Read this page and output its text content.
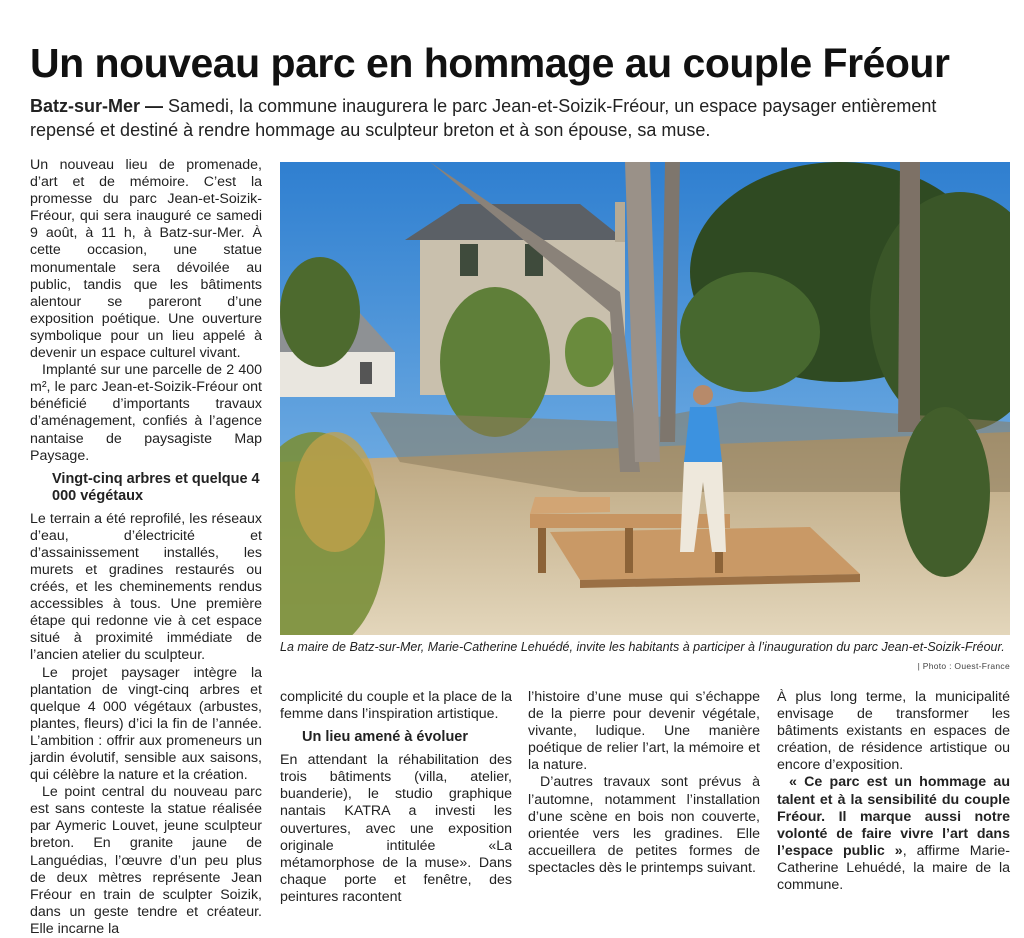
Un nouveau parc en hommage au couple Fréour
Batz-sur-Mer — Samedi, la commune inaugurera le parc Jean-et-Soizik-Fréour, un espace paysager entièrement repensé et destiné à rendre hommage au sculpteur breton et à son épouse, sa muse.

Un nouveau lieu de promenade, d’art et de mémoire. C’est la promesse du parc Jean-et-Soizik-Fréour, qui sera inauguré ce samedi 9 août, à 11 h, à Batz-sur-Mer. À cette occasion, une statue monumentale sera dévoilée au public, tandis que les bâtiments alentour se pareront d’une exposition poétique. Une ouverture symbolique pour un lieu appelé à devenir un espace culturel vivant.

Implanté sur une parcelle de 2 400 m², le parc Jean-et-Soizik-Fréour ont bénéficié d’importants travaux d’aménagement, confiés à l’agence nantaise de paysagiste Map Paysage.

Vingt-cinq arbres et quelque 4 000 végétaux

Le terrain a été reprofilé, les réseaux d’eau, d’électricité et d’assainissement installés, les murets et gradines restaurés ou créés, et les cheminements rendus accessibles à tous. Une première étape qui redonne vie à cet espace situé à proximité immédiate de l’ancien atelier du sculpteur.

Le projet paysager intègre la plantation de vingt-cinq arbres et quelque 4 000 végétaux (arbustes, plantes, fleurs) d’ici la fin de l’année. L’ambition : offrir aux promeneurs un jardin évolutif, sensible aux saisons, qui célèbre la nature et la création.

Le point central du nouveau parc est sans conteste la statue réalisée par Aymeric Louvet, jeune sculpteur breton. En granite jaune de Languédias, l’œuvre d’un peu plus de deux mètres représente Jean Fréour en train de sculpter Soizik, dans un geste tendre et créateur. Elle incarne la

La maire de Batz-sur-Mer, Marie-Catherine Lehuédé, invite les habitants à participer à l’inauguration du parc Jean-et-Soizik-Fréour.
| Photo : Ouest-France

complicité du couple et la place de la femme dans l’inspiration artistique.

Un lieu amené à évoluer

En attendant la réhabilitation des trois bâtiments (villa, atelier, buanderie), le studio graphique nantais KATRA a investi les ouvertures, avec une exposition originale intitulée «La métamorphose de la muse». Dans chaque porte et fenêtre, des peintures racontent

l’histoire d’une muse qui s’échappe de la pierre pour devenir végétale, vivante, ludique. Une manière poétique de relier l’art, la mémoire et la nature.

D’autres travaux sont prévus à l’automne, notamment l’installation d’une scène en bois non couverte, orientée vers les gradines. Elle accueillera de petites formes de spectacles dès le printemps suivant.

À plus long terme, la municipalité envisage de transformer les bâtiments existants en espaces de création, de résidence artistique ou encore d’exposition.

« Ce parc est un hommage au talent et à la sensibilité du couple Fréour. Il marque aussi notre volonté de faire vivre l’art dans l’espace public », affirme Marie-Catherine Lehuédé, la maire de la commune.
